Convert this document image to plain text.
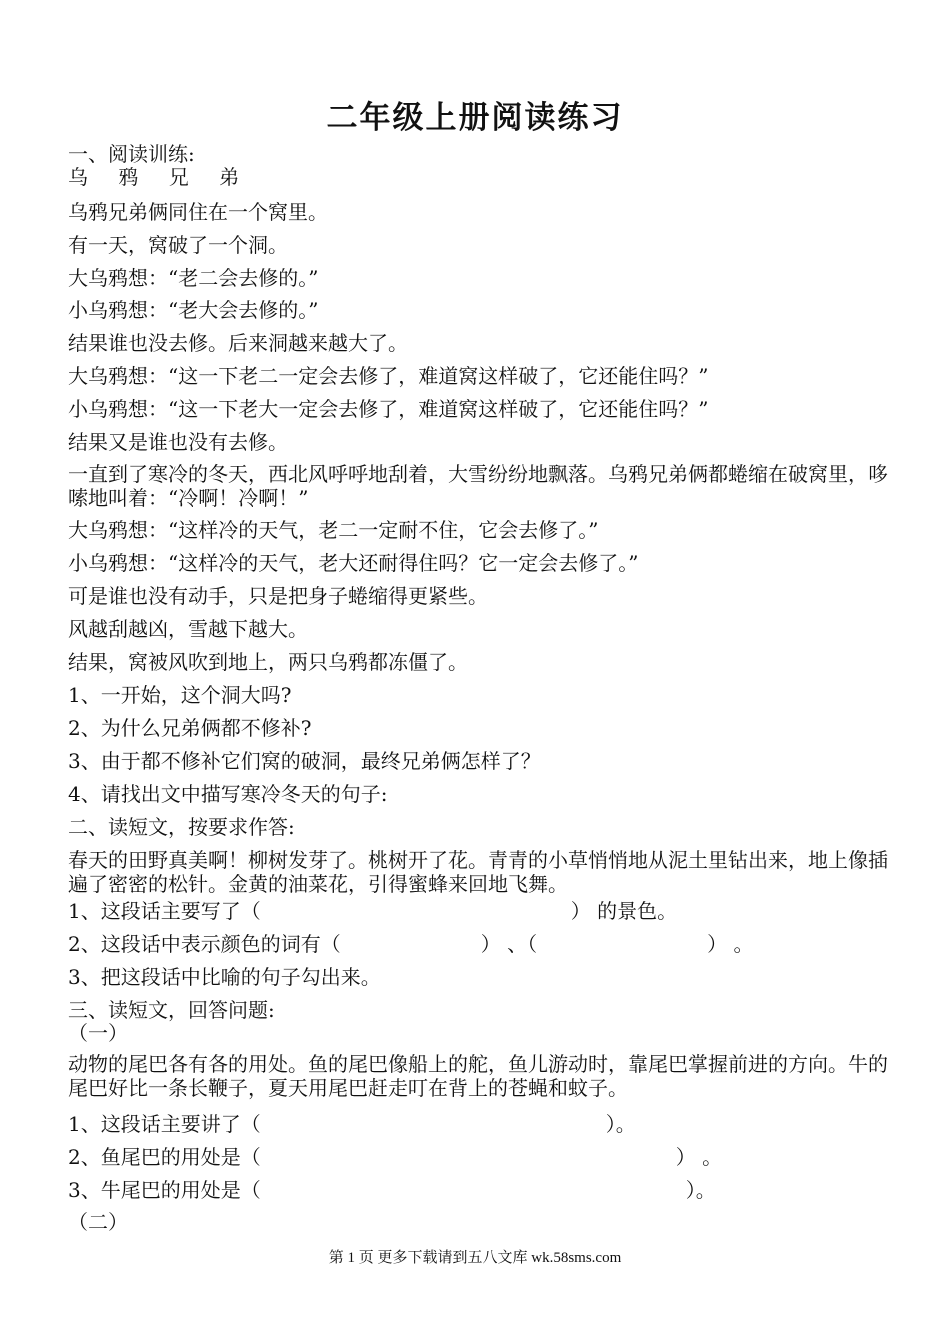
二年级上册阅读练习
一、阅读训练:
乌 鸦 兄 弟
乌鸦兄弟俩同住在一个窝里。
有一天，窝破了一个洞。
大乌鸦想：“老二会去修的。”
小乌鸦想：“老大会去修的。”
结果谁也没去修。后来洞越来越大了。
大乌鸦想：“这一下老二一定会去修了，难道窝这样破了，它还能住吗？”
小乌鸦想：“这一下老大一定会去修了，难道窝这样破了，它还能住吗？”
结果又是谁也没有去修。
一直到了寒冷的冬天，西北风呼呼地刮着，大雪纷纷地飘落。乌鸦兄弟俩都蜷缩在破窝里，哆嗦地叫着：“冷啊！冷啊！”
大乌鸦想：“这样冷的天气，老二一定耐不住，它会去修了。”
小乌鸦想：“这样冷的天气，老大还耐得住吗？它一定会去修了。”
可是谁也没有动手，只是把身子蜷缩得更紧些。
风越刮越凶，雪越下越大。
结果，窝被风吹到地上，两只乌鸦都冻僵了。
1、一开始，这个洞大吗?
2、为什么兄弟俩都不修补?
3、由于都不修补它们窝的破洞，最终兄弟俩怎样了？
4、请找出文中描写寒冷冬天的句子:
二、读短文，按要求作答:
春天的田野真美啊！柳树发芽了。桃树开了花。青青的小草悄悄地从泥土里钻出来，地上像插遍了密密的松针。金黄的油菜花，引得蜜蜂来回地飞舞。
1、这段话主要写了（	） 的景色。
2、这段话中表示颜色的词有（	） 、（	） 。
3、把这段话中比喻的句子勾出来。
三、读短文，回答问题:
（一）
动物的尾巴各有各的用处。鱼的尾巴像船上的舵，鱼儿游动时，靠尾巴掌握前进的方向。牛的尾巴好比一条长鞭子，夏天用尾巴赶走叮在背上的苍蝇和蚊子。
1、这段话主要讲了（	）。
2、鱼尾巴的用处是（	） 。
3、牛尾巴的用处是（	）。
（二）
第 1 页 更多下载请到五八文库 wk.58sms.com
